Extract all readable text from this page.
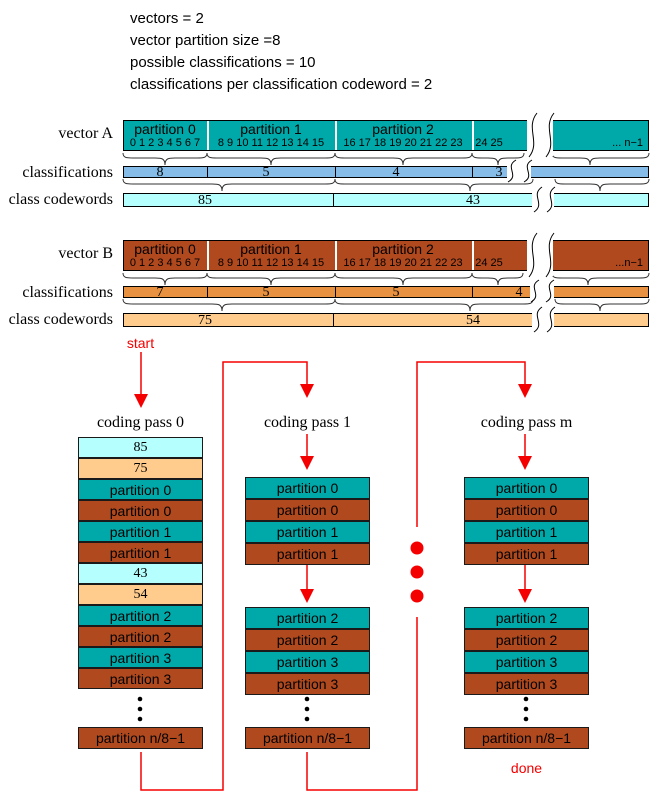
vectors = 2
vector partition size =8
possible classifications = 10
classifications per classification codeword = 2
vector A
classifications
class codewords
partition 0	partition 1	partition 2
0 1 2 3 4 5 6 7 8 9 10 11 12 13 14 15 16 17 18 19 20 21 22 23 24 25	... n−1
8	5	4	3
85	43
vector B
classifications
class codewords
partition 0	partition 1	partition 2
0 1 2 3 4 5 6 7 8 9 10 11 12 13 14 15 16 17 18 19 20 21 22 23 24 25	...n−1
7	5	5	4
75	54
start
coding pass 0	coding pass 1	coding pass m
85
75
partition 0
partition 0
partition 1
partition 1
43
54
partition 2
partition 2
partition 3
partition 3
partition n/8−1
partition 0
partition 0
partition 1
partition 1
partition 2
partition 2
partition 3
partition 3
partition n/8−1
partition 0
partition 0
partition 1
partition 1
partition 2
partition 2
partition 3
partition 3
partition n/8−1
done
